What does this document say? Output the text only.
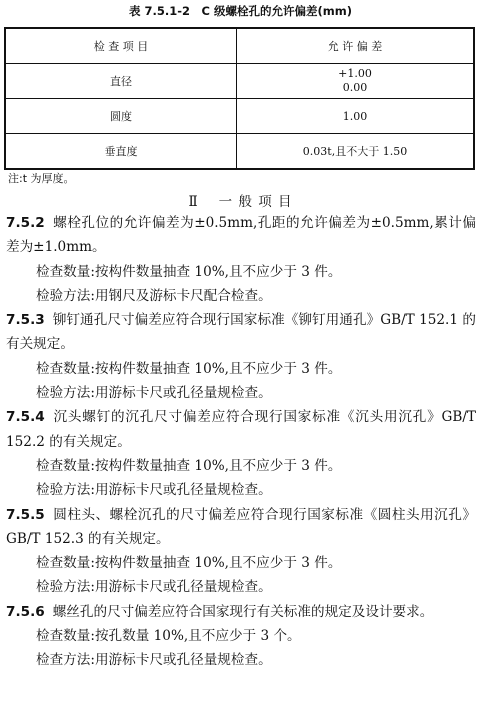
表 7.5.1-2　C 级螺栓孔的允许偏差(mm)
检 查 项 目	允 许 偏 差
直径	+1.00
0.00

圆度	1.00
垂直度	0.03t,且不大于 1.50
注:t 为厚度。
Ⅱ 一 般 项 目

7.5.2 螺栓孔位的允许偏差为±0.5mm,孔距的允许偏差为±0.5mm,累计偏差为±1.0mm。

检查数量:按构件数量抽查 10%,且不应少于 3 件。
检验方法:用钢尺及游标卡尺配合检查。

7.5.3 铆钉通孔尺寸偏差应符合现行国家标准《铆钉用通孔》GB/T 152.1 的有关规定。

检查数量:按构件数量抽查 10%,且不应少于 3 件。
检验方法:用游标卡尺或孔径量规检查。

7.5.4 沉头螺钉的沉孔尺寸偏差应符合现行国家标准《沉头用沉孔》GB/T 152.2 的有关规定。

检查数量:按构件数量抽查 10%,且不应少于 3 件。
检验方法:用游标卡尺或孔径量规检查。

7.5.5 圆柱头、螺栓沉孔的尺寸偏差应符合现行国家标准《圆柱头用沉孔》GB/T 152.3 的有关规定。

检查数量:按构件数量抽查 10%,且不应少于 3 件。
检验方法:用游标卡尺或孔径量规检查。

7.5.6 螺丝孔的尺寸偏差应符合国家现行有关标准的规定及设计要求。

检查数量:按孔数量 10%,且不应少于 3 个。
检查方法:用游标卡尺或孔径量规检查。
